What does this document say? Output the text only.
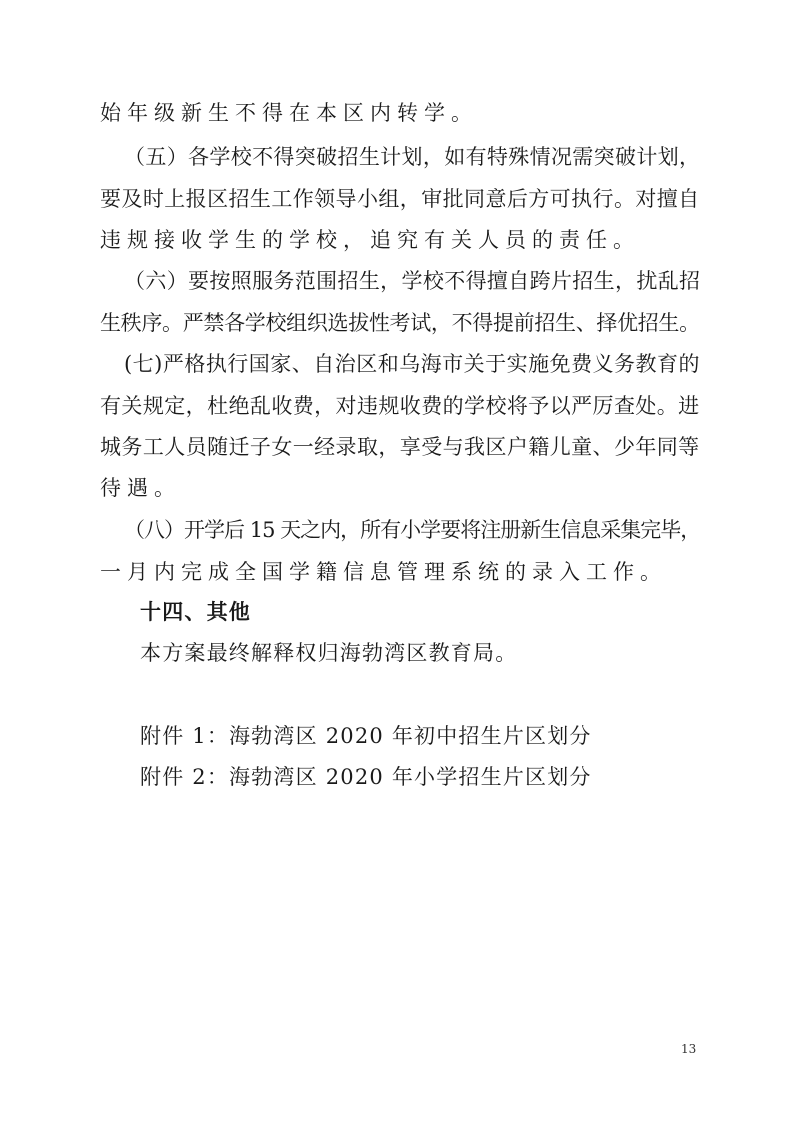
始年级新生不得在本区内转学。
（五）各学校不得突破招生计划，如有特殊情况需突破计划，
要及时上报区招生工作领导小组，审批同意后方可执行。对擅自
违规接收学生的学校，追究有关人员的责任。
（六）要按照服务范围招生，学校不得擅自跨片招生，扰乱招
生秩序。严禁各学校组织选拔性考试，不得提前招生、择优招生。
(七)严格执行国家、自治区和乌海市关于实施免费义务教育的
有关规定，杜绝乱收费，对违规收费的学校将予以严厉查处。进
城务工人员随迁子女一经录取，享受与我区户籍儿童、少年同等
待遇。
（八）开学后 15 天之内，所有小学要将注册新生信息采集完毕，
一月内完成全国学籍信息管理系统的录入工作。
十四、其他
本方案最终解释权归海勃湾区教育局。
附件 1：海勃湾区 2020 年初中招生片区划分
附件 2：海勃湾区 2020 年小学招生片区划分
13
